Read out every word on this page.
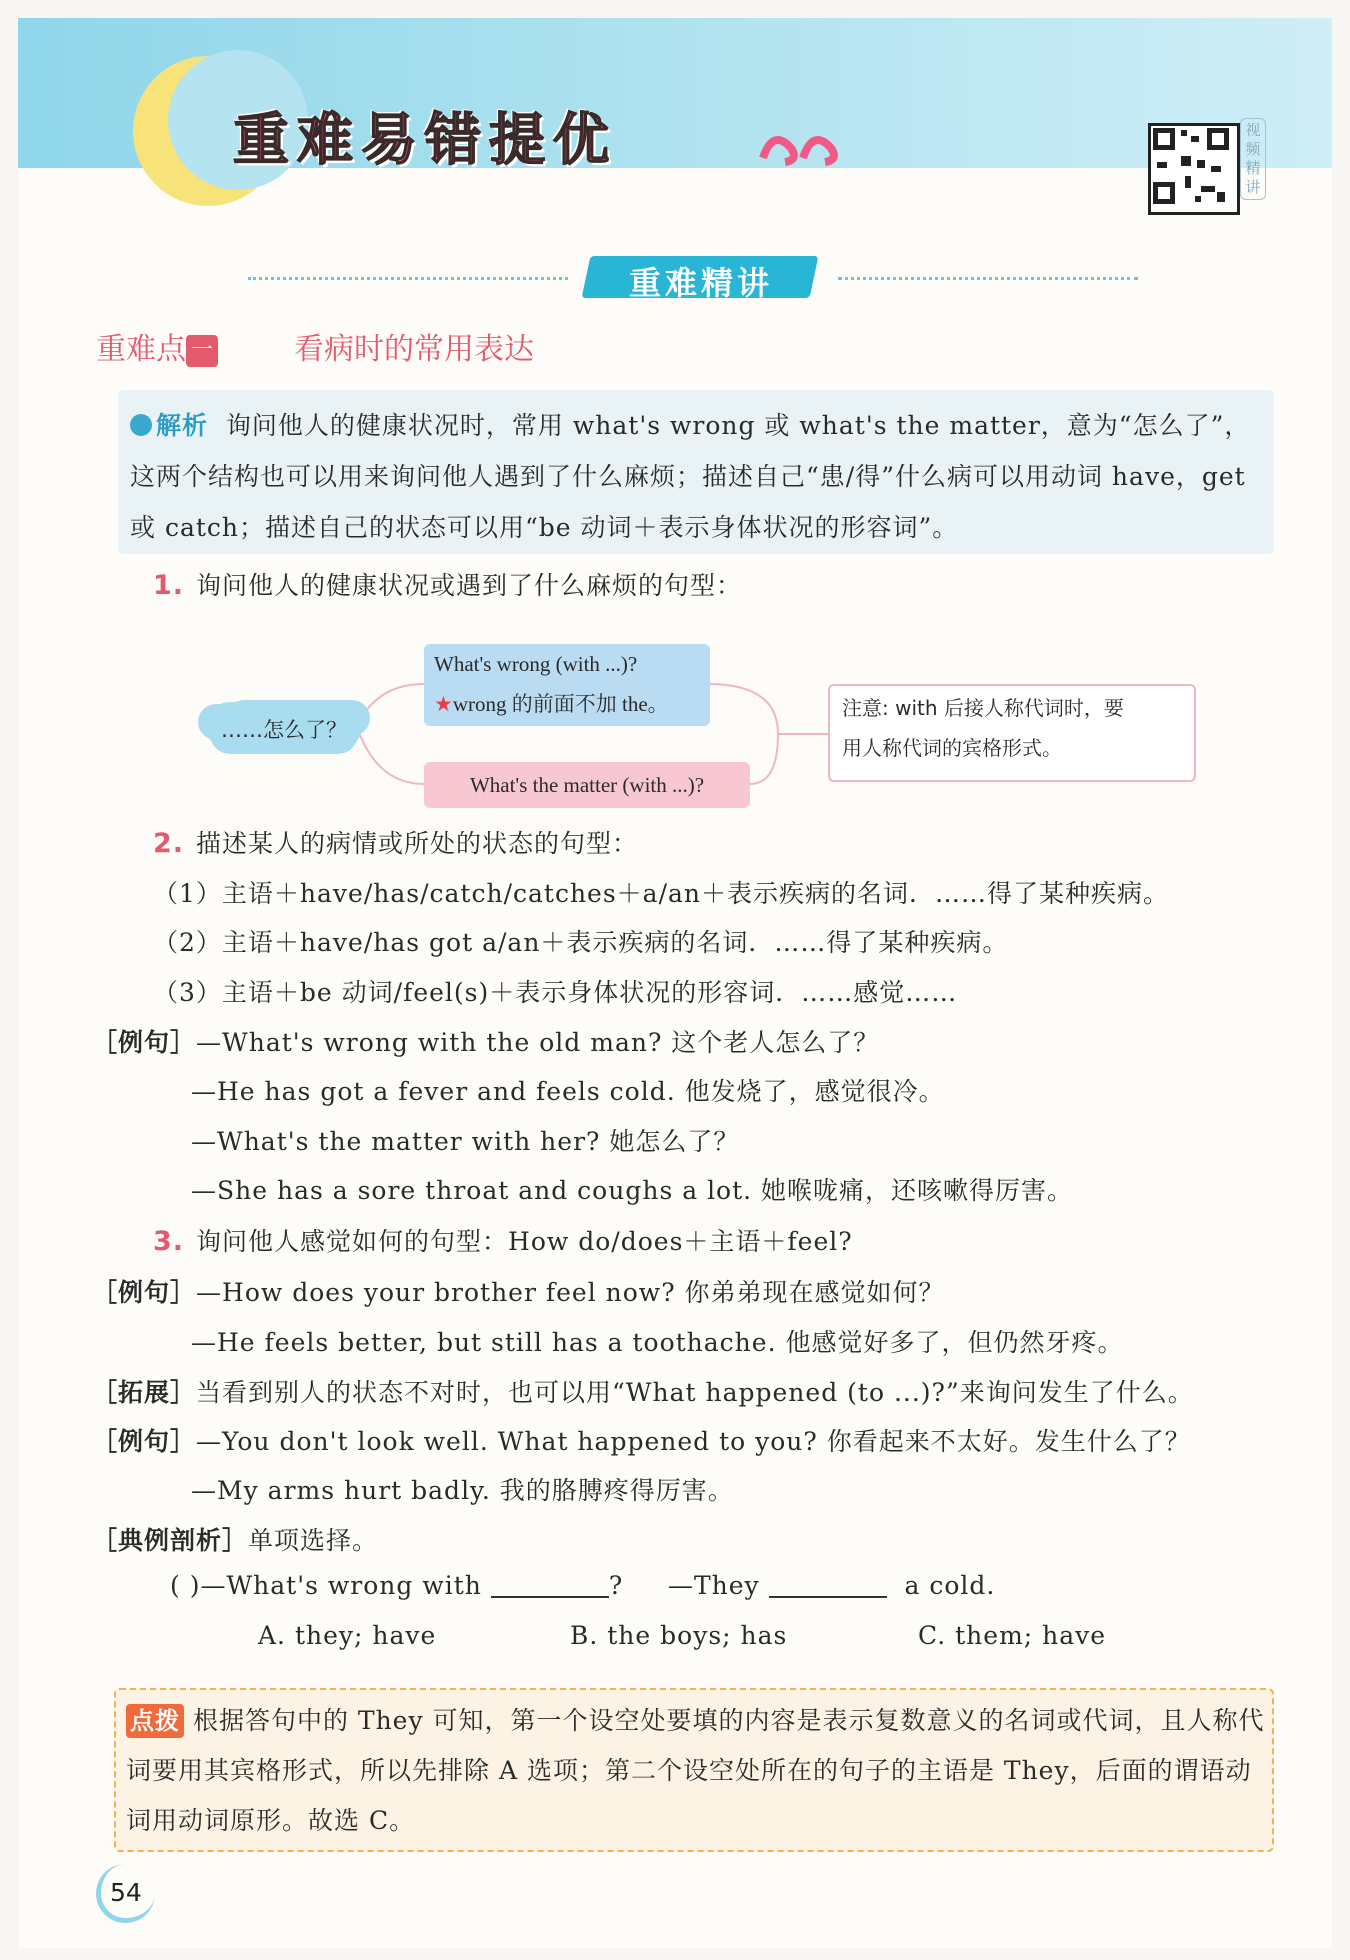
重难易错提优	视频精讲
重难精讲
重难点 一	看病时的常用表达
解析 询问他人的健康状况时，常用 what's wrong 或 what's the matter，意为“怎么了”，这两个结构也可以用来询问他人遇到了什么麻烦；描述自己“患/得”什么病可以用动词 have，get 或 catch；描述自己的状态可以用“be 动词＋表示身体状况的形容词”。
1. 询问他人的健康状况或遇到了什么麻烦的句型：
……怎么了？
What's wrong (with ...)?
★wrong 的前面不加 the。
What's the matter (with ...)?
注意: with 后接人称代词时，要
用人称代词的宾格形式。
2. 描述某人的病情或所处的状态的句型：
（1）主语＋have/has/catch/catches＋a/an＋表示疾病的名词．……得了某种疾病。
（2）主语＋have/has got a/an＋表示疾病的名词．……得了某种疾病。
（3）主语＋be 动词/feel(s)＋表示身体状况的形容词．……感觉……
［例句］—What's wrong with the old man? 这个老人怎么了？
—He has got a fever and feels cold. 他发烧了，感觉很冷。
—What's the matter with her? 她怎么了？
—She has a sore throat and coughs a lot. 她喉咙痛，还咳嗽得厉害。
3. 询问他人感觉如何的句型：How do/does＋主语＋feel?
［例句］—How does your brother feel now? 你弟弟现在感觉如何？
—He feels better, but still has a toothache. 他感觉好多了，但仍然牙疼。
［拓展］当看到别人的状态不对时，也可以用“What happened (to ...)?”来询问发生了什么。
［例句］—You don't look well. What happened to you? 你看起来不太好。发生什么了？
—My arms hurt badly. 我的胳膊疼得厉害。
［典例剖析］单项选择。
( )—What's wrong with	? —They	a cold.
A. they; have	B. the boys; has	C. them; have
点拨 根据答句中的 They 可知，第一个设空处要填的内容是表示复数意义的名词或代词，且人称代词要用其宾格形式，所以先排除 A 选项；第二个设空处所在的句子的主语是 They，后面的谓语动词用动词原形。故选 C。
54
